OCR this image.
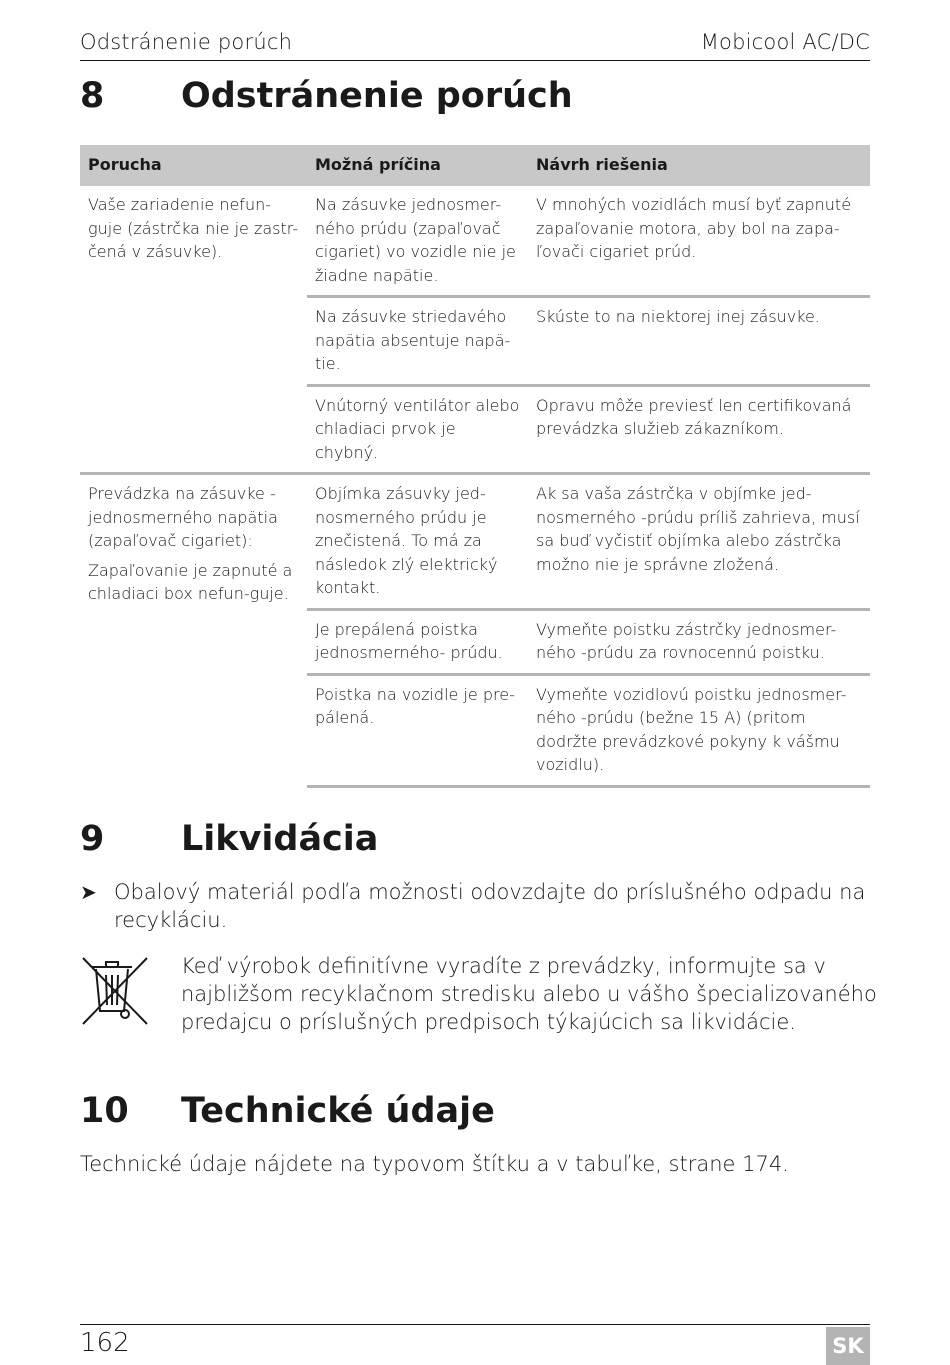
Odstránenie porúch	Mobicool AC/DC
8 Odstránenie porúch
Porucha	Možná príčina	Návrh riešenia

Vaše zariadenie nefun-guje (zástrčka nie je zastr-čená v zásuvke).	Na zásuvke jednosmer-ného prúdu (zapaľovač cigariet) vo vozidle nie je žiadne napätie.	V mnohých vozidlách musí byť zapnuté zapaľovanie motora, aby bol na zapa-ľovači cigariet prúd.
	Na zásuvke striedavého napätia absentuje napä-tie.	Skúste to na niektorej inej zásuvke.
	Vnútorný ventilátor alebo chladiaci prvok je chybný.	Opravu môže previesť len certifikovaná prevádzka služieb zákazníkom.

Prevádzka na zásuvke -jednosmerného napätia (zapaľovač cigariet):
Zapaľovanie je zapnuté a chladiaci box nefun-guje.	Objímka zásuvky jed-nosmerného prúdu je znečistená. To má za následok zlý elektrický kontakt.	Ak sa vaša zástrčka v objímke jed-nosmerného -prúdu príliš zahrieva, musí sa buď vyčistiť objímka alebo zástrčka možno nie je správne zložená.
	Je prepálená poistka jednosmerného- prúdu.	Vymeňte poistku zástrčky jednosmer-ného -prúdu za rovnocennú poistku.
	Poistka na vozidle je pre-pálená.	Vymeňte vozidlovú poistku jednosmer-ného -prúdu (bežne 15 A) (pritom dodržte prevádzkové pokyny k vášmu vozidlu).
9 Likvidácia
➤ Obalový materiál podľa možnosti odovzdajte do príslušného odpadu na recykláciu.
Keď výrobok definitívne vyradíte z prevádzky, informujte sa v najbližšom recyklačnom stredisku alebo u vášho špecializovaného predajcu o príslušných predpisoch týkajúcich sa likvidácie.
10 Technické údaje
Technické údaje nájdete na typovom štítku a v tabuľke, strane 174.
162	SK
